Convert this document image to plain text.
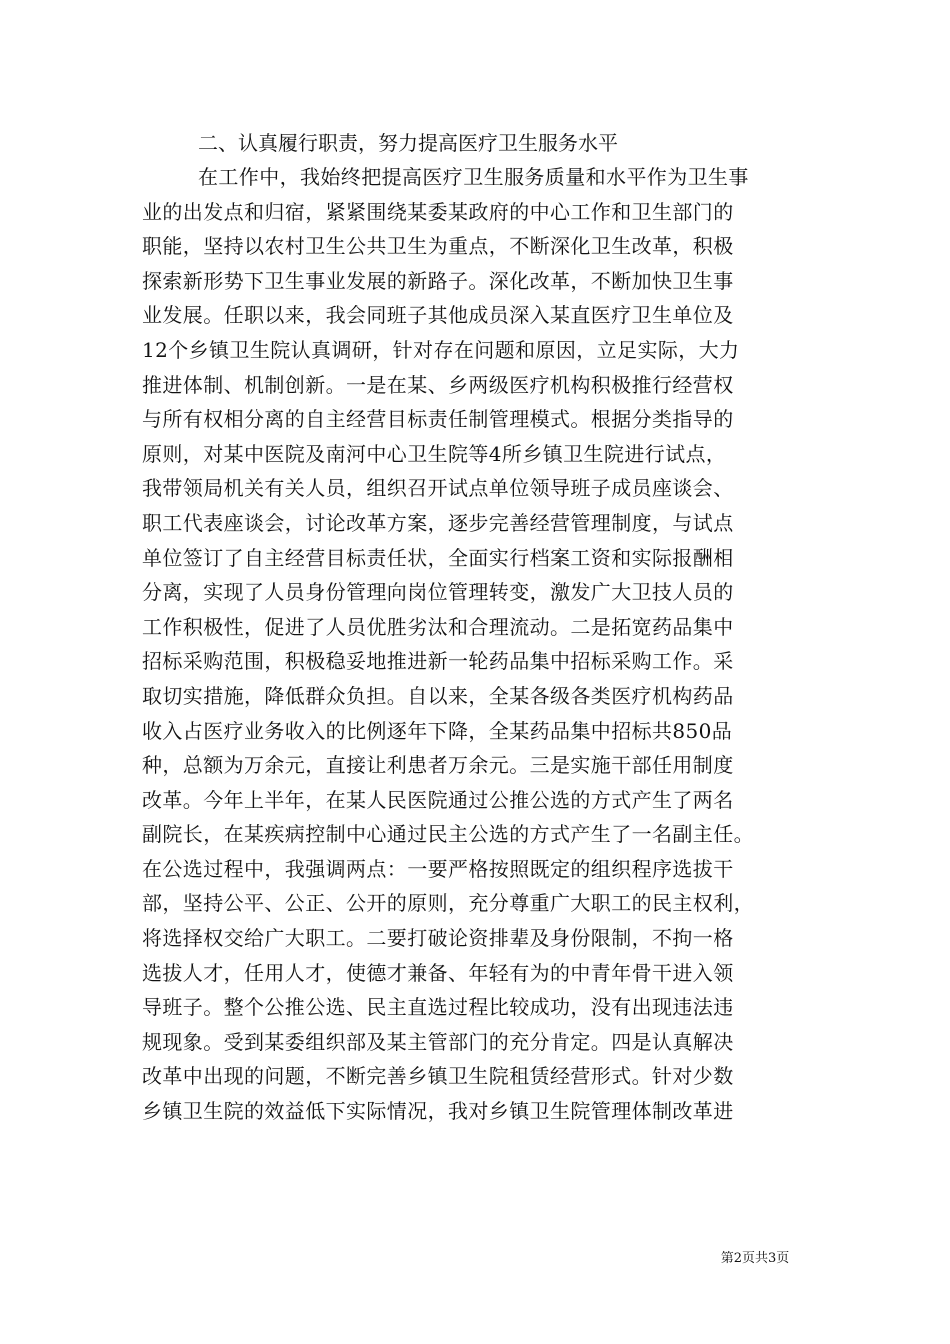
二、认真履行职责，努力提高医疗卫生服务水平

在工作中，我始终把提高医疗卫生服务质量和水平作为卫生事
业的出发点和归宿，紧紧围绕某委某政府的中心工作和卫生部门的
职能，坚持以农村卫生公共卫生为重点，不断深化卫生改革，积极
探索新形势下卫生事业发展的新路子。深化改革，不断加快卫生事
业发展。任职以来，我会同班子其他成员深入某直医疗卫生单位及
12个乡镇卫生院认真调研，针对存在问题和原因，立足实际，大力
推进体制、机制创新。一是在某、乡两级医疗机构积极推行经营权
与所有权相分离的自主经营目标责任制管理模式。根据分类指导的
原则，对某中医院及南河中心卫生院等4所乡镇卫生院进行试点，
我带领局机关有关人员，组织召开试点单位领导班子成员座谈会、
职工代表座谈会，讨论改革方案，逐步完善经营管理制度，与试点
单位签订了自主经营目标责任状，全面实行档案工资和实际报酬相
分离，实现了人员身份管理向岗位管理转变，激发广大卫技人员的
工作积极性，促进了人员优胜劣汰和合理流动。二是拓宽药品集中
招标采购范围，积极稳妥地推进新一轮药品集中招标采购工作。采
取切实措施，降低群众负担。自以来，全某各级各类医疗机构药品
收入占医疗业务收入的比例逐年下降，全某药品集中招标共850品
种，总额为万余元，直接让利患者万余元。三是实施干部任用制度
改革。今年上半年，在某人民医院通过公推公选的方式产生了两名
副院长，在某疾病控制中心通过民主公选的方式产生了一名副主任。
在公选过程中，我强调两点：一要严格按照既定的组织程序选拔干
部，坚持公平、公正、公开的原则，充分尊重广大职工的民主权利，
将选择权交给广大职工。二要打破论资排辈及身份限制，不拘一格
选拔人才，任用人才，使德才兼备、年轻有为的中青年骨干进入领
导班子。整个公推公选、民主直选过程比较成功，没有出现违法违
规现象。受到某委组织部及某主管部门的充分肯定。四是认真解决
改革中出现的问题，不断完善乡镇卫生院租赁经营形式。针对少数
乡镇卫生院的效益低下实际情况，我对乡镇卫生院管理体制改革进
第2页共3页
